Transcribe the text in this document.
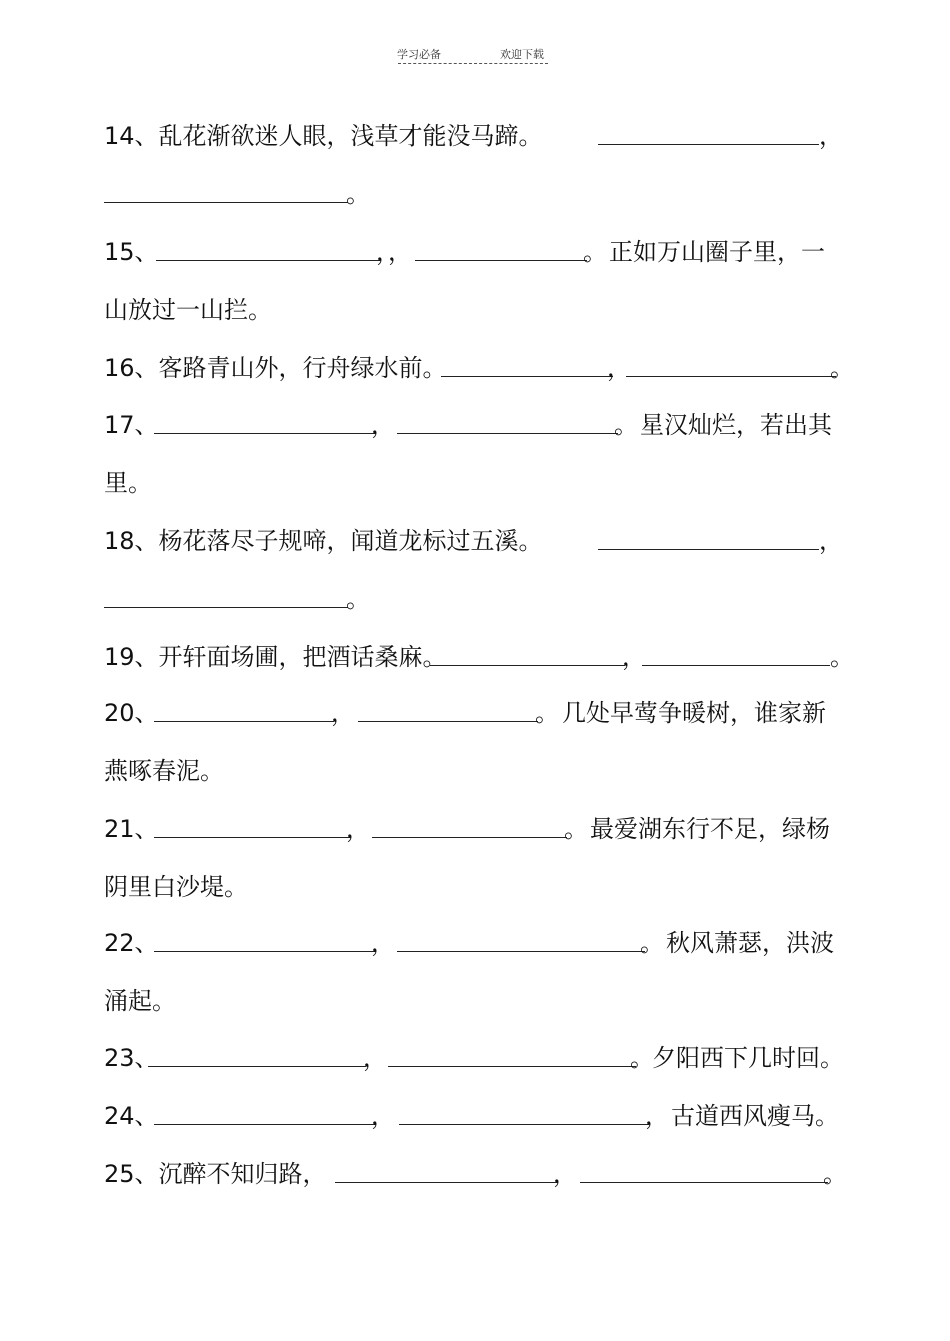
学习必备	欢迎下载
14、乱花渐欲迷人眼，浅草才能没马蹄。	，
。
15、	，，	。 正如万山圈子里，一
山放过一山拦。
16、客路青山外，行舟绿水前。	，	。
17、	，	。 星汉灿烂，若出其
里。
18、杨花落尽子规啼，闻道龙标过五溪。	，
。
19、开轩面场圃，把酒话桑麻。	，	。
20、	，	。 几处早莺争暖树，谁家新
燕啄春泥。
21、	，	。 最爱湖东行不足，绿杨
阴里白沙堤。
22、	，	。 秋风萧瑟，洪波
涌起。
23、	，	。
夕阳西下几时回。
24、	，	， 古道西风瘦马。
25、沉醉不知归路，	，	。
